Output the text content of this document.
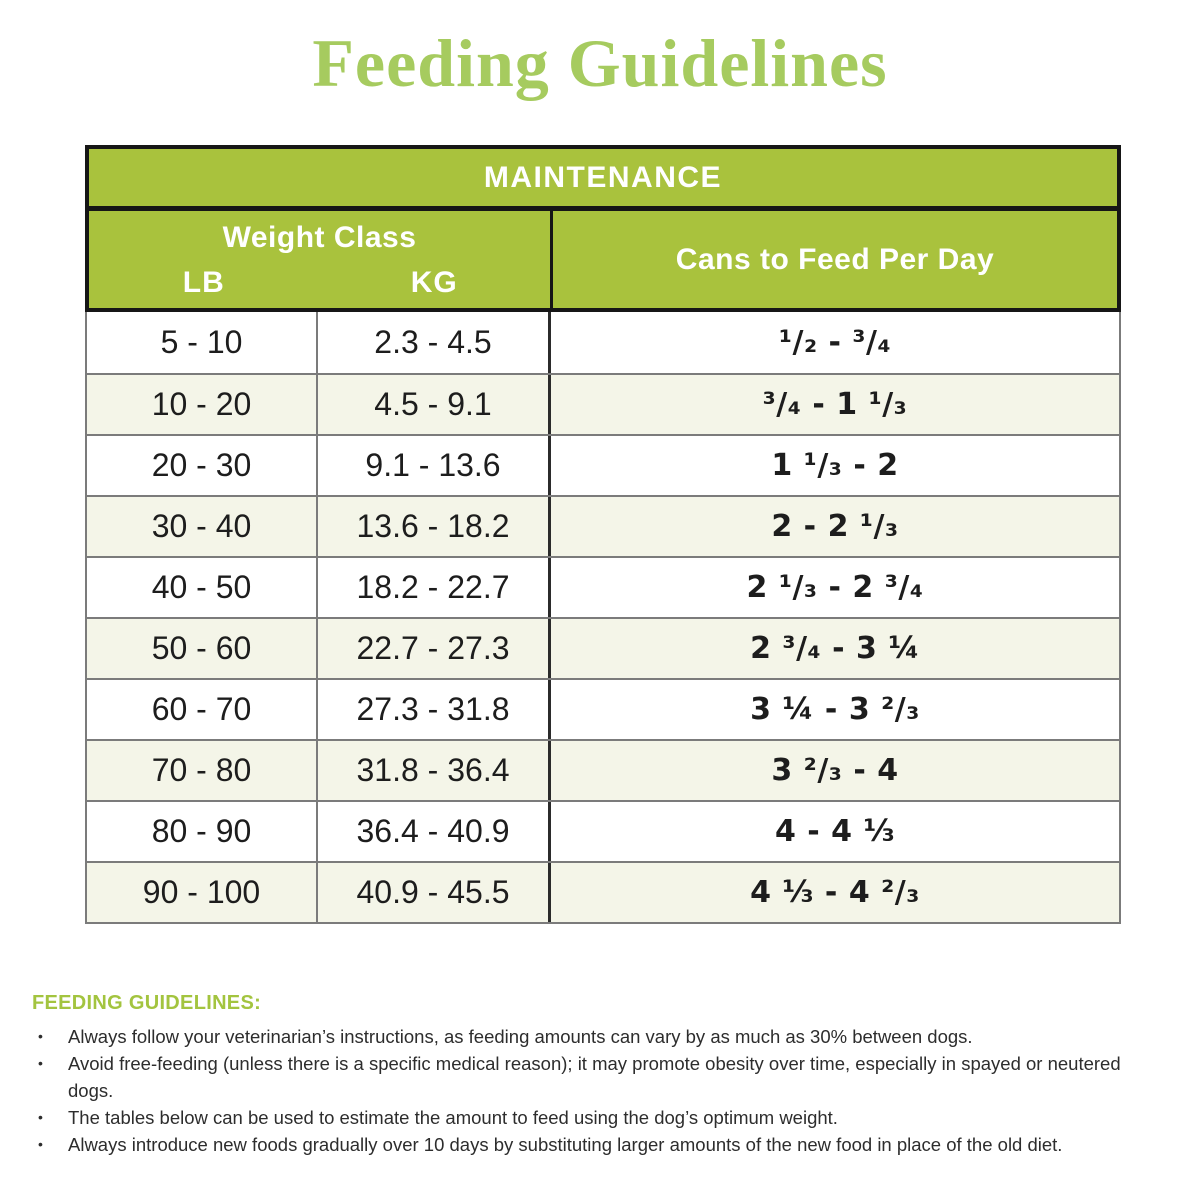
Feeding Guidelines
MAINTENANCE
Weight Class
LB	KG
Cans to Feed Per Day
5 - 10	2.3 - 4.5	¹/₂ - ³/₄
10 - 20	4.5 - 9.1	³/₄ - 1 ¹/₃
20 - 30	9.1 - 13.6	1 ¹/₃ - 2
30 - 40	13.6 - 18.2	2 - 2 ¹/₃
40 - 50	18.2 - 22.7	2 ¹/₃ - 2 ³/₄
50 - 60	22.7 - 27.3	2 ³/₄ - 3 ¼
60 - 70	27.3 - 31.8	3 ¼ - 3 ²/₃
70 - 80	31.8 - 36.4	3 ²/₃ - 4
80 - 90	36.4 - 40.9	4 - 4 ⅓
90 - 100	40.9 - 45.5	4 ⅓ - 4 ²/₃
FEEDING GUIDELINES:
• Always follow your veterinarian’s instructions, as feeding amounts can vary by as much as 30% between dogs.
• Avoid free-feeding (unless there is a specific medical reason); it may promote obesity over time, especially in spayed or neutered dogs.
• The tables below can be used to estimate the amount to feed using the dog’s optimum weight.
• Always introduce new foods gradually over 10 days by substituting larger amounts of the new food in place of the old diet.
